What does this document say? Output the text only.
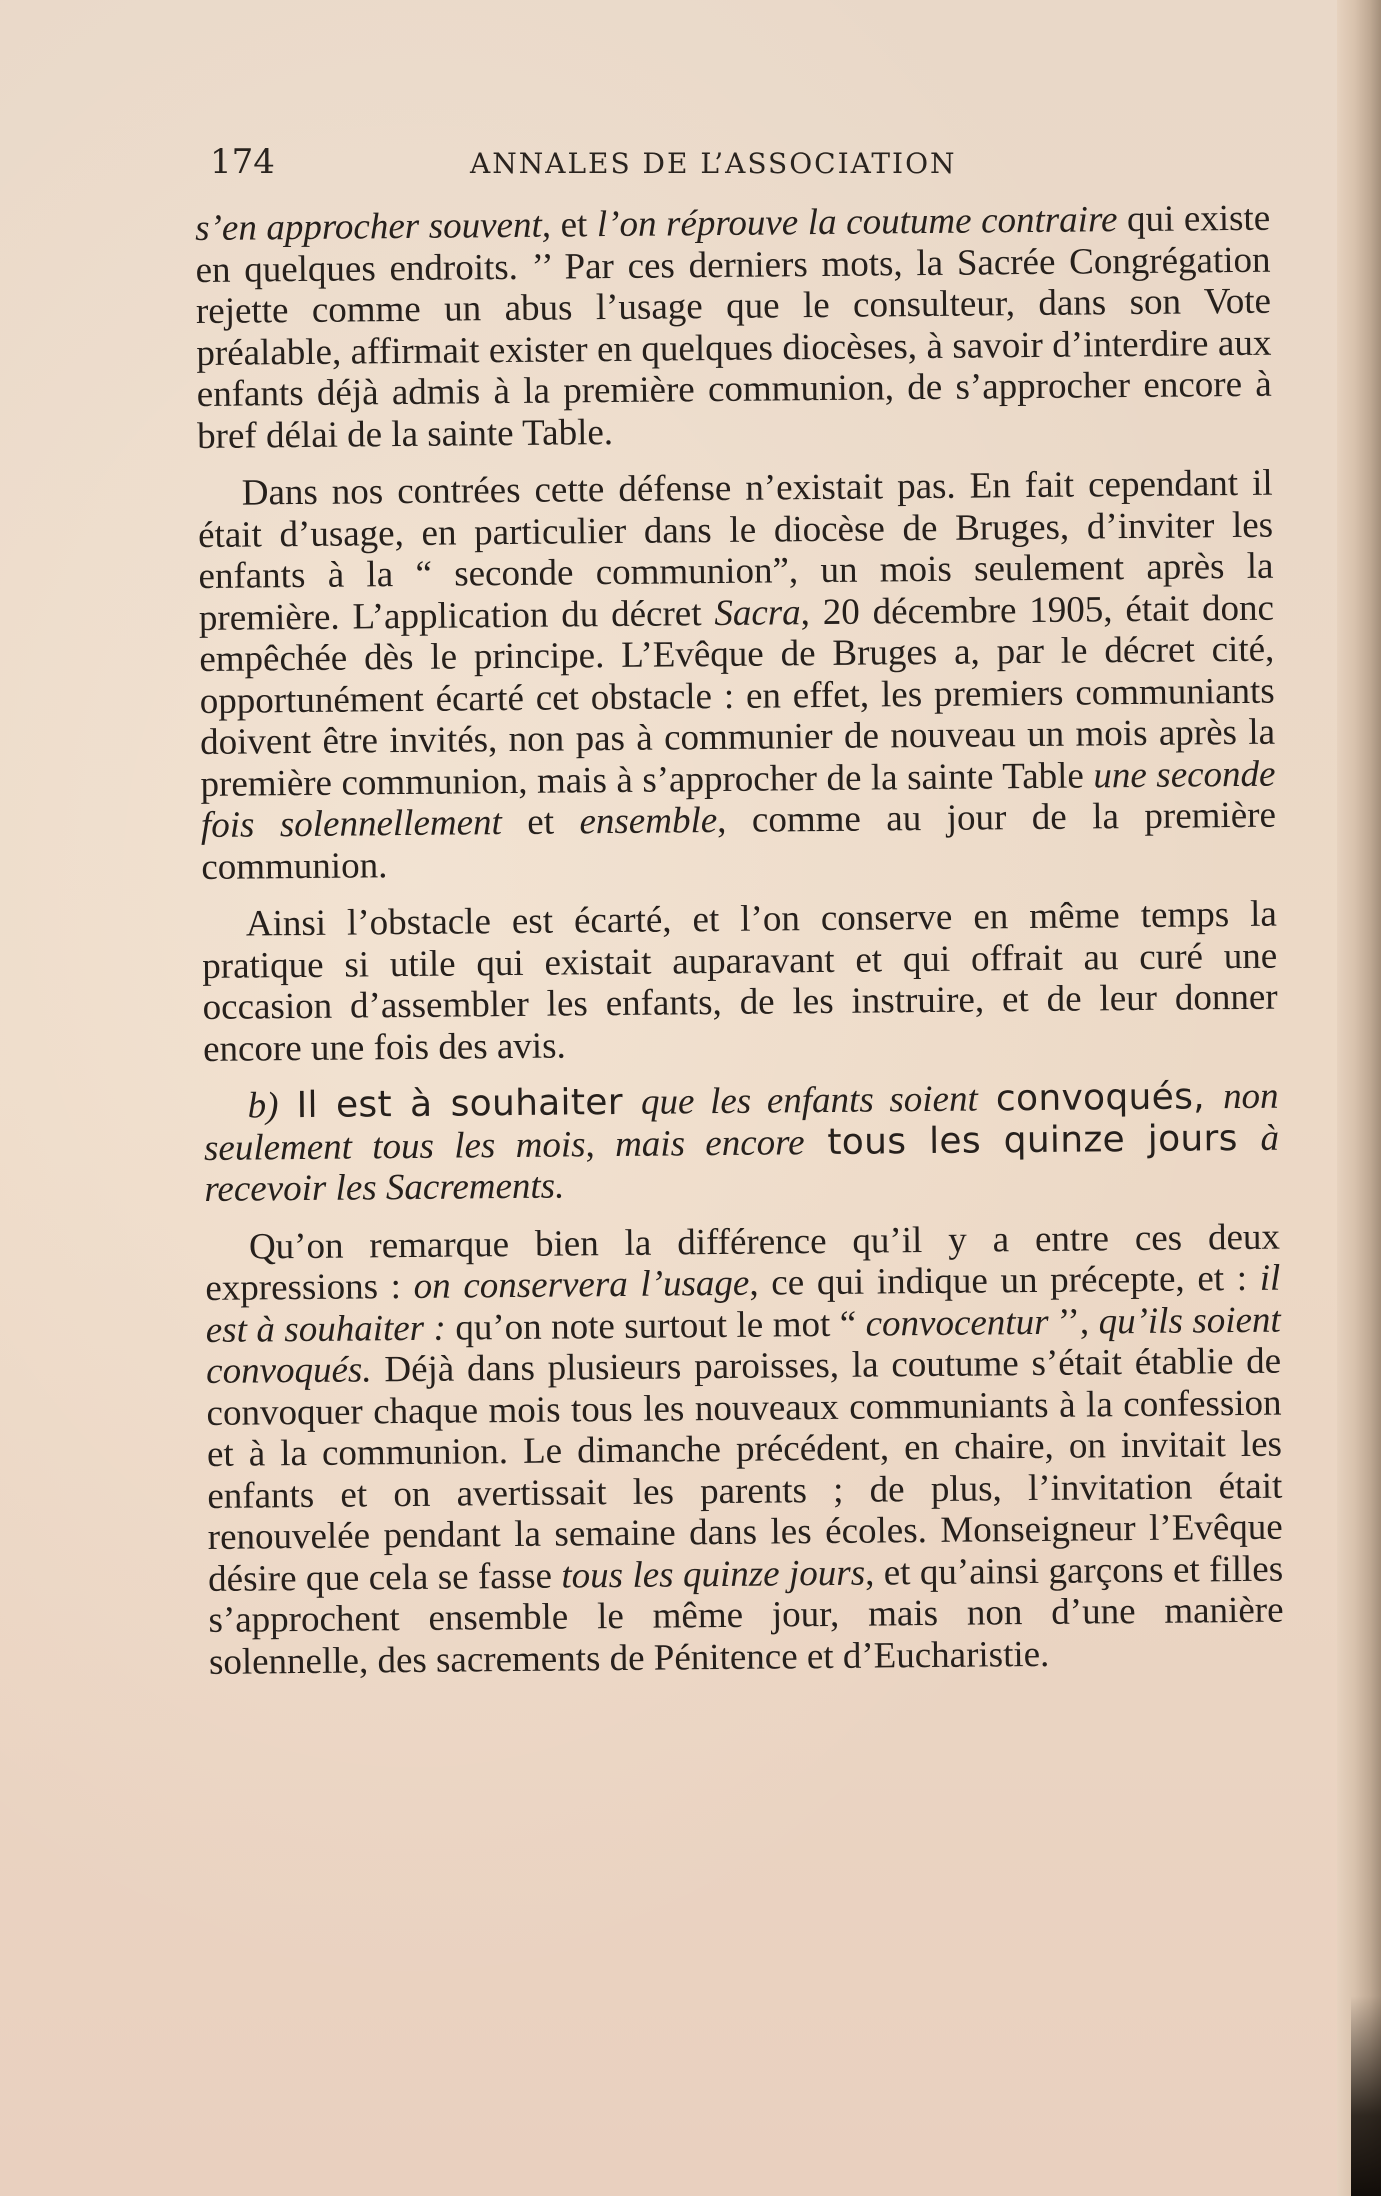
174	ANNALES DE L’ASSOCIATION

s’en approcher souvent, et l’on réprouve la coutume contraire qui existe en quelques endroits. ’’ Par ces derniers mots, la Sacrée Congrégation rejette comme un abus l’usage que le consulteur, dans son Vote préalable, affirmait exister en quelques diocèses, à savoir d’interdire aux enfants déjà admis à la première communion, de s’approcher encore à bref délai de la sainte Table.

Dans nos contrées cette défense n’existait pas. En fait cependant il était d’usage, en particulier dans le diocèse de Bruges, d’inviter les enfants à la “ seconde communion”, un mois seulement après la première. L’application du décret Sacra, 20 décembre 1905, était donc empêchée dès le principe. L’Evêque de Bruges a, par le décret cité, opportunément écarté cet obstacle : en effet, les premiers communiants doivent être invités, non pas à communier de nouveau un mois après la première communion, mais à s’approcher de la sainte Table une seconde fois solennellement et ensemble, comme au jour de la première communion.

Ainsi l’obstacle est écarté, et l’on conserve en même temps la pratique si utile qui existait auparavant et qui offrait au curé une occasion d’assembler les enfants, de les instruire, et de leur donner encore une fois des avis.

b) Il est à souhaiter que les enfants soient convoqués, non seulement tous les mois, mais encore tous les quinze jours à recevoir les Sacrements.

Qu’on remarque bien la différence qu’il y a entre ces deux expressions : on conservera l’usage, ce qui indique un précepte, et : il est à souhaiter : qu’on note surtout le mot “ convocentur ’’, qu’ils soient convoqués. Déjà dans plusieurs paroisses, la coutume s’était établie de convoquer chaque mois tous les nouveaux communiants à la confession et à la communion. Le dimanche précédent, en chaire, on invitait les enfants et on avertissait les parents ; de plus, l’invitation était renouvelée pendant la semaine dans les écoles. Monseigneur l’Evêque désire que cela se fasse tous les quinze jours, et qu’ainsi garçons et filles s’approchent ensemble le même jour, mais non d’une manière solennelle, des sacrements de Pénitence et d’Eucharistie.
